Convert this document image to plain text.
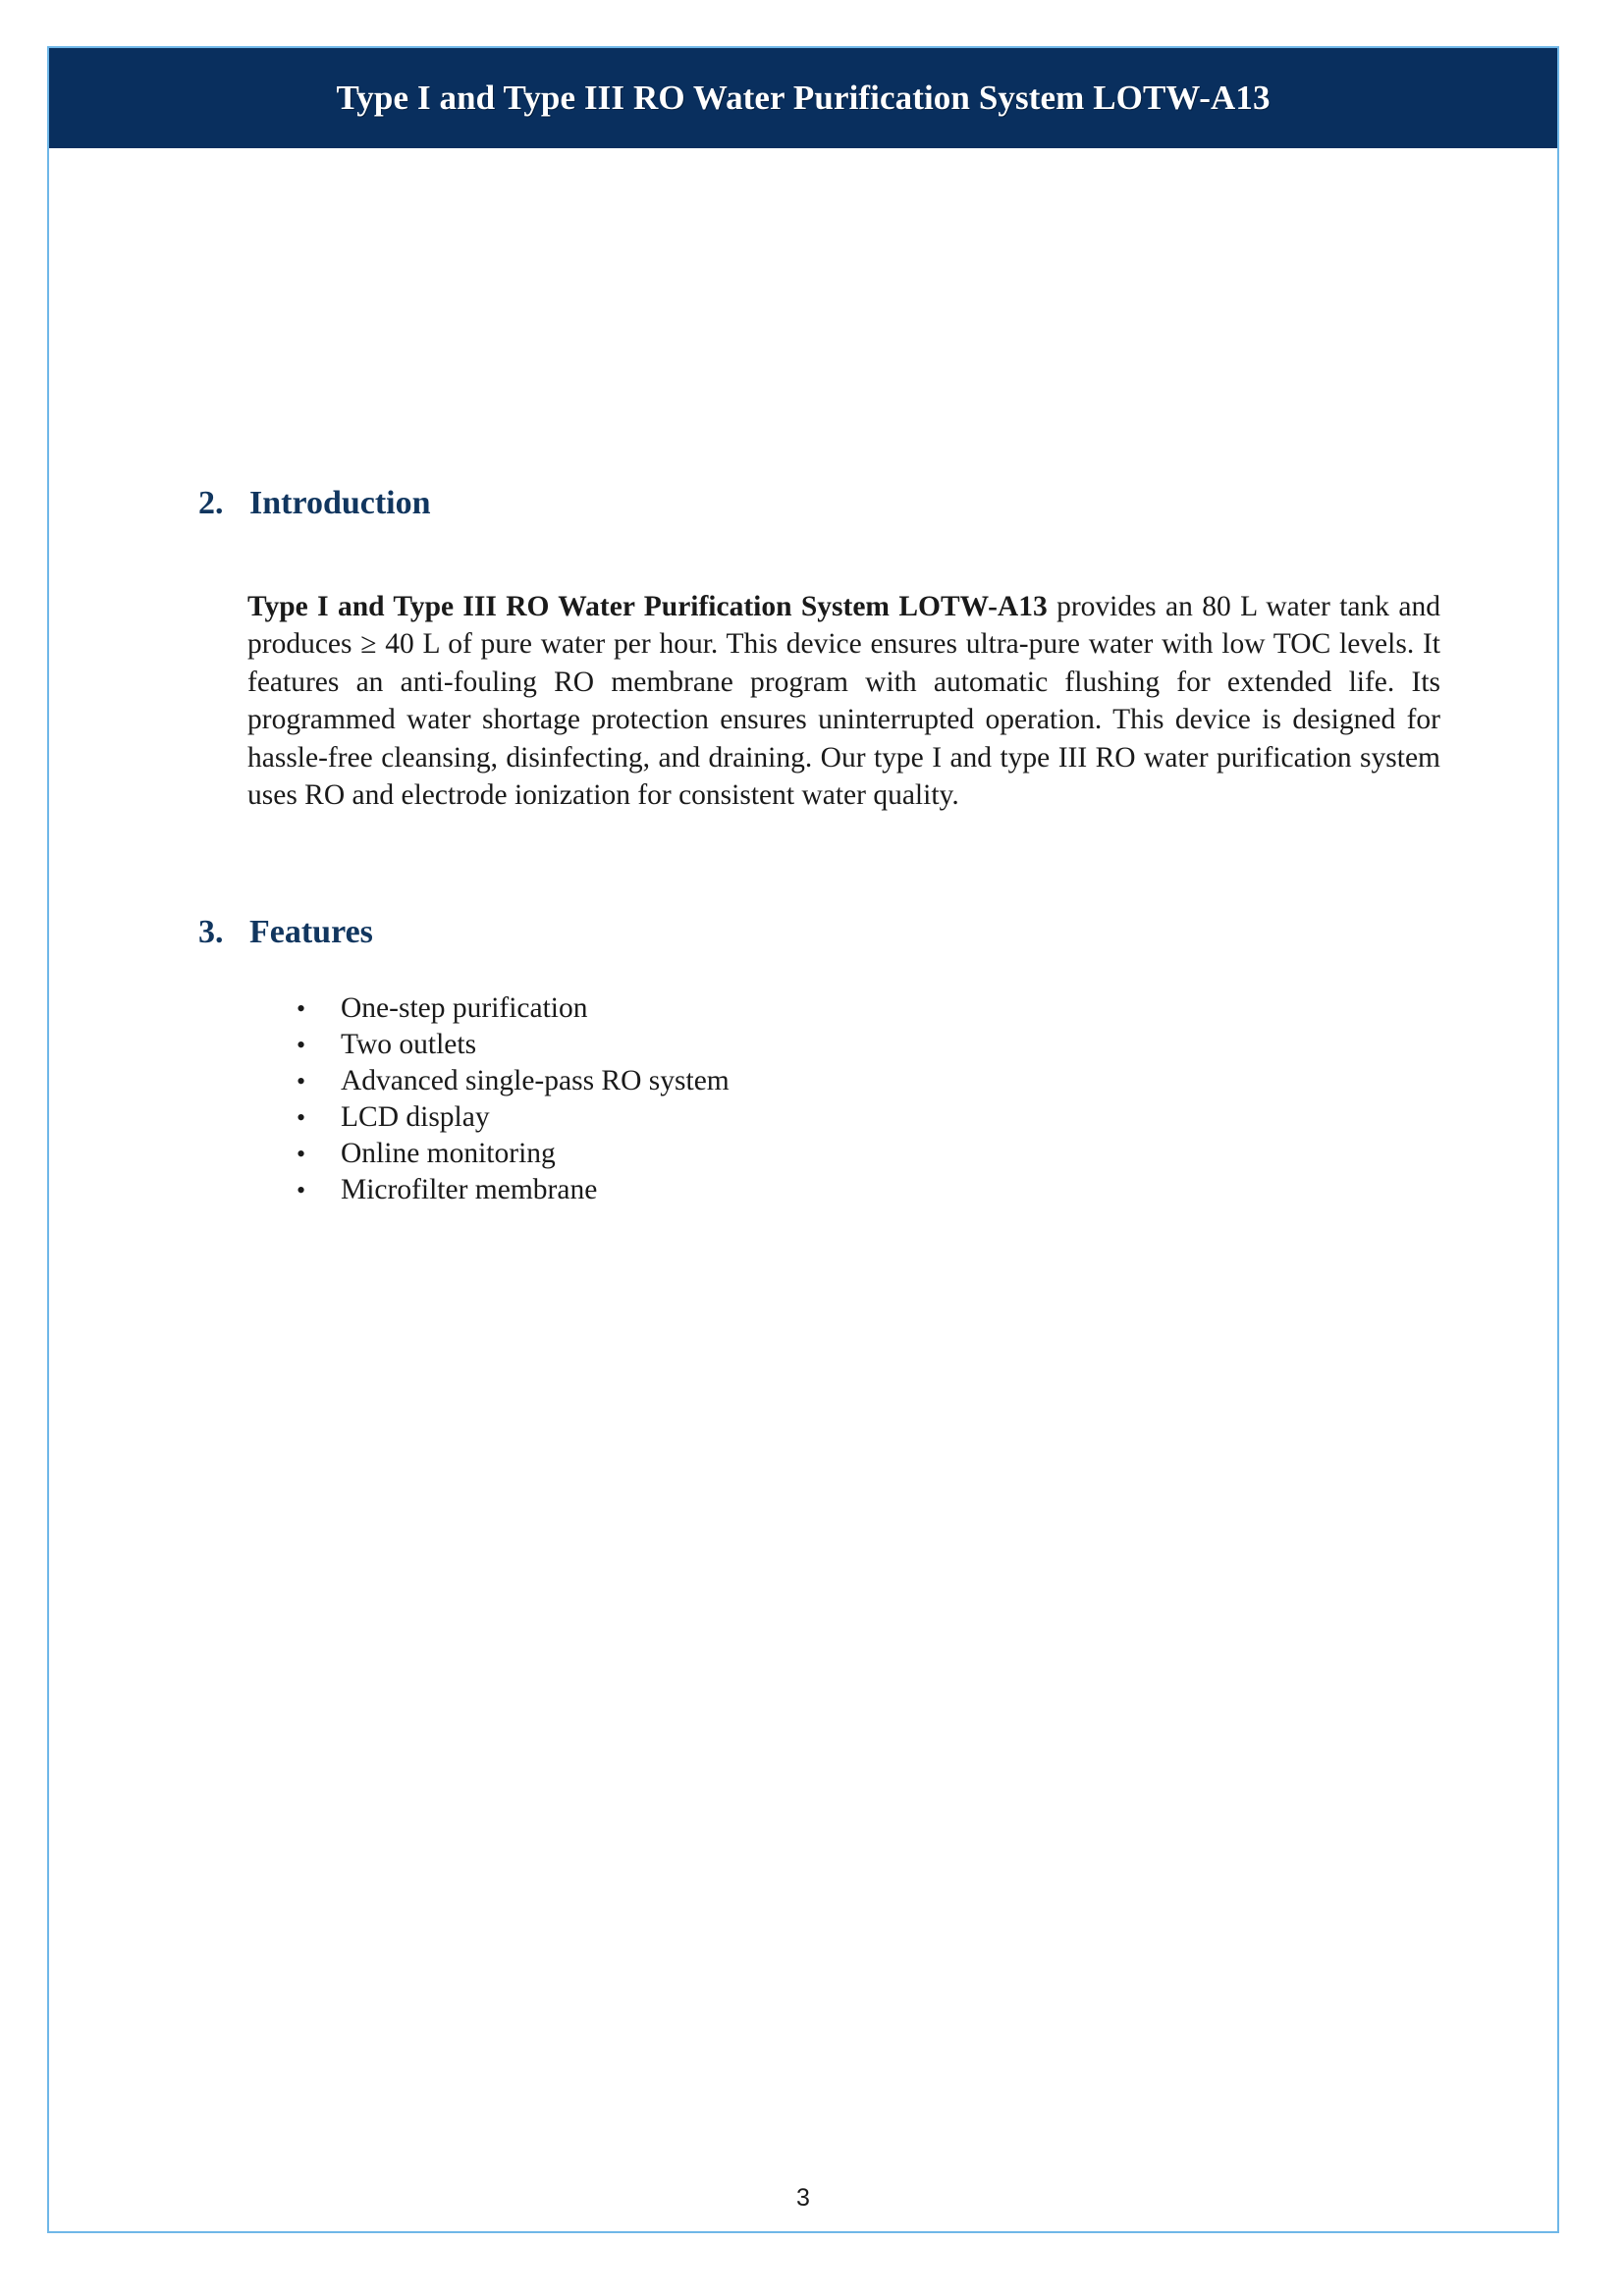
Type I and Type III RO Water Purification System LOTW-A13
2. Introduction

Type I and Type III RO Water Purification System LOTW-A13 provides an 80 L water tank and produces ≥ 40 L of pure water per hour. This device ensures ultra-pure water with low TOC levels. It features an anti-fouling RO membrane program with automatic flushing for extended life. Its programmed water shortage protection ensures uninterrupted operation. This device is designed for hassle-free cleansing, disinfecting, and draining. Our type I and type III RO water purification system uses RO and electrode ionization for consistent water quality.

3. Features
• One-step purification
• Two outlets
• Advanced single-pass RO system
• LCD display
• Online monitoring
• Microfilter membrane
3
